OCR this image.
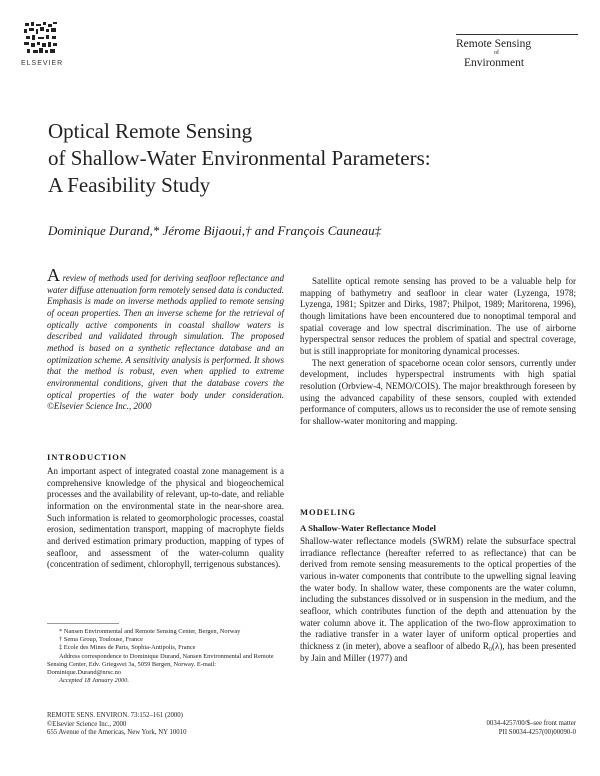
ELSEVIER
Remote Sensing
of
Environment
Optical Remote Sensing
of Shallow-Water Environmental Parameters:
A Feasibility Study
Dominique Durand,* Jérome Bijaoui,† and François Cauneau‡
A review of methods used for deriving seafloor reflectance and water diffuse attenuation form remotely sensed data is conducted. Emphasis is made on inverse methods applied to remote sensing of ocean properties. Then an inverse scheme for the retrieval of optically active components in coastal shallow waters is described and validated through simulation. The proposed method is based on a synthetic reflectance database and an optimization scheme. A sensitivity analysis is performed. It shows that the method is robust, even when applied to extreme environmental conditions, given that the database covers the optical properties of the water body under consideration. ©Elsevier Science Inc., 2000
INTRODUCTION

An important aspect of integrated coastal zone management is a comprehensive knowledge of the physical and biogeochemical processes and the availability of relevant, up-to-date, and reliable information on the environmental state in the near-shore area. Such information is related to geomorphologic processes, coastal erosion, sedimentation transport, mapping of macrophyte fields and derived estimation primary production, mapping of types of seafloor, and assessment of the water-column quality (concentration of sediment, chlorophyll, terrigenous substances).

* Nansen Environmental and Remote Sensing Center, Bergen, Norway

† Sema Group, Toulouse, France

‡ Ecole des Mines de Paris, Sophia-Antipolis, France

Address correspondence to Dominique Durand, Nansen Environmental and Remote Sensing Center, Edv. Griegsvei 3a, 5059 Bergen, Norway. E-mail: Dominique.Durand@nrsc.no

Accepted 18 January 2000.

REMOTE SENS. ENVIRON. 73:152–161 (2000)
©Elsevier Science Inc., 2000
655 Avenue of the Americas, New York, NY 10010
0034-4257/00/$–see front matter
PII S0034-4257(00)00090-0

Satellite optical remote sensing has proved to be a valuable help for mapping of bathymetry and seafloor in clear water (Lyzenga, 1978; Lyzenga, 1981; Spitzer and Dirks, 1987; Philpot, 1989; Maritorena, 1996), though limitations have been encountered due to nonoptimal temporal and spatial coverage and low spectral discrimination. The use of airborne hyperspectral sensor reduces the problem of spatial and spectral coverage, but is still inappropriate for monitoring dynamical processes.

The next generation of spaceborne ocean color sensors, currently under development, includes hyperspectral instruments with high spatial resolution (Orbview-4, NEMO/COIS). The major breakthrough foreseen by using the advanced capability of these sensors, coupled with extended performance of computers, allows us to reconsider the use of remote sensing for shallow-water monitoring and mapping.

MODELING
A Shallow-Water Reflectance Model

Shallow-water reflectance models (SWRM) relate the subsurface spectral irradiance reflectance (hereafter referred to as reflectance) that can be derived from remote sensing measurements to the optical properties of the various in-water components that contribute to the upwelling signal leaving the water body. In shallow water, these components are the water column, including the substances dissolved or in suspension in the medium, and the seafloor, which contributes function of the depth and attenuation by the water column above it. The application of the two-flow approximation to the radiative transfer in a water layer of uniform optical properties and thickness z (in meter), above a seafloor of albedo R₀(λ), has been presented by Jain and Miller (1977) and
